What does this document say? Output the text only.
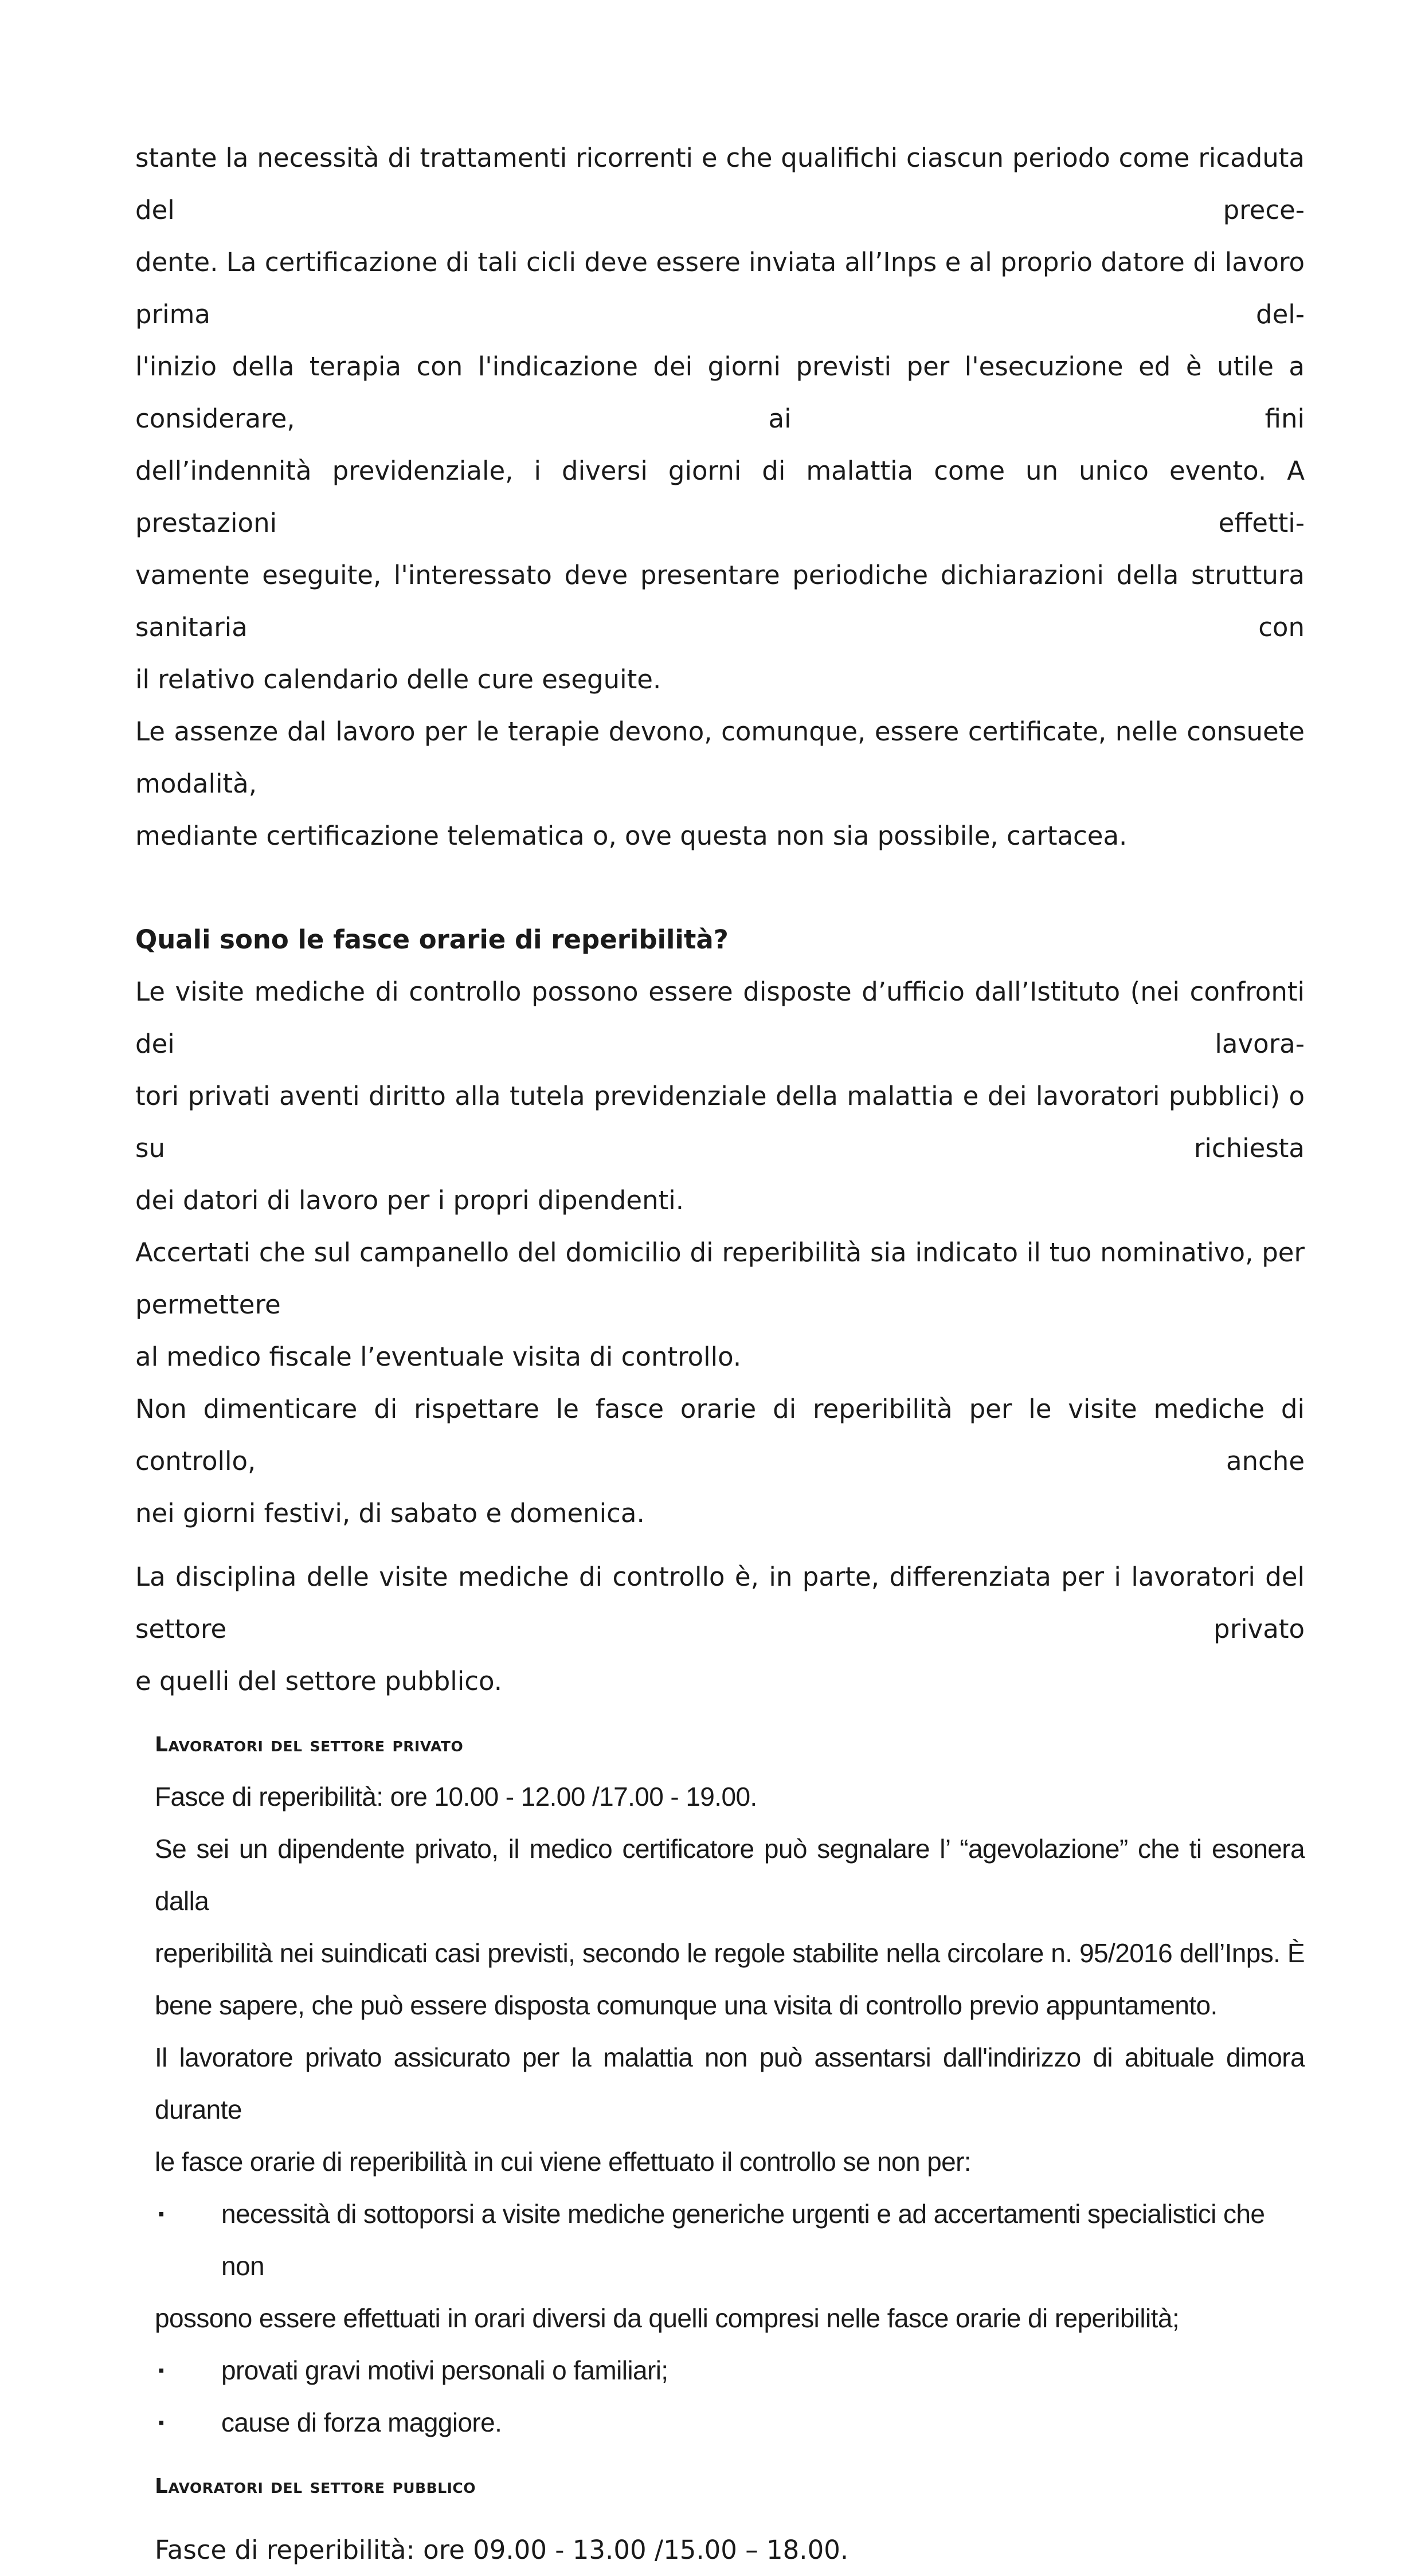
stante la necessità di trattamenti ricorrenti e che qualifichi ciascun periodo come ricaduta del prece-

dente. La certificazione di tali cicli deve essere inviata all’Inps e al proprio datore di lavoro prima del-

l'inizio della terapia con l'indicazione dei giorni previsti per l'esecuzione ed è utile a considerare, ai fini

dell’indennità previdenziale, i diversi giorni di malattia come un unico evento. A prestazioni effetti-

vamente eseguite, l'interessato deve presentare periodiche dichiarazioni della struttura sanitaria con

il relativo calendario delle cure eseguite.

Le assenze dal lavoro per le terapie devono, comunque, essere certificate, nelle consuete modalità,

mediante certificazione telematica o, ove questa non sia possibile, cartacea.

Quali sono le fasce orarie di reperibilità?

Le visite mediche di controllo possono essere disposte d’ufficio dall’Istituto (nei confronti dei lavora-

tori privati aventi diritto alla tutela previdenziale della malattia e dei lavoratori pubblici) o su richiesta

dei datori di lavoro per i propri dipendenti.

Accertati che sul campanello del domicilio di reperibilità sia indicato il tuo nominativo, per permettere

al medico fiscale l’eventuale visita di controllo.

Non dimenticare di rispettare le fasce orarie di reperibilità per le visite mediche di controllo, anche

nei giorni festivi, di sabato e domenica.

La disciplina delle visite mediche di controllo è, in parte, differenziata per i lavoratori del settore privato

e quelli del settore pubblico.

Lavoratori del settore privato

Fasce di reperibilità: ore 10.00 - 12.00 /17.00 - 19.00.

Se sei un dipendente privato, il medico certificatore può segnalare l’ “agevolazione” che ti esonera dalla

reperibilità nei suindicati casi previsti, secondo le regole stabilite nella circolare n. 95/2016 dell’Inps. È

bene sapere, che può essere disposta comunque una visita di controllo previo appuntamento.

Il lavoratore privato assicurato per la malattia non può assentarsi dall'indirizzo di abituale dimora durante

le fasce orarie di reperibilità in cui viene effettuato il controllo se non per:

▪ necessità di sottoporsi a visite mediche generiche urgenti e ad accertamenti specialistici che non

possono essere effettuati in orari diversi da quelli compresi nelle fasce orarie di reperibilità;

▪ provati gravi motivi personali o familiari;

▪ cause di forza maggiore.

Lavoratori del settore pubblico

Fasce di reperibilità: ore 09.00 - 13.00 /15.00 – 18.00.
